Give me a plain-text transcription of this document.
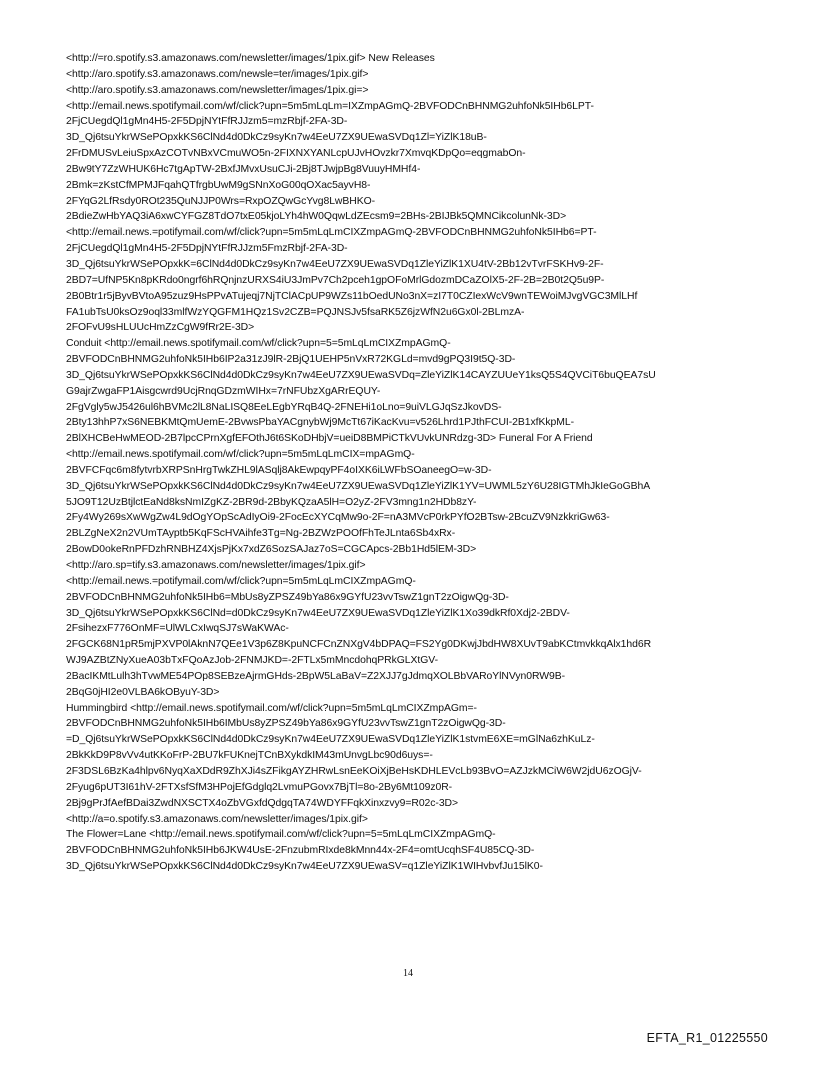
<http://=ro.spotify.s3.amazonaws.com/newsletter/images/1pix.gif> New Releases
<http://aro.spotify.s3.amazonaws.com/newsle=ter/images/1pix.gif>
<http://aro.spotify.s3.amazonaws.com/newsletter/images/1pix.gi=>
<http://email.news.spotifymail.com/wf/click?upn=5m5mLqLm=IXZmpAGmQ-2BVFODCnBHNMG2uhfoNk5IHb6LPT-
2FjCUegdQl1gMn4H5-2F5DpjNYtFfRJJzm5=mzRbjf-2FA-3D-
3D_Qj6tsuYkrWSePOpxkKS6ClNd4d0DkCz9syKn7w4EeU7ZX9UEwaSVDq1Zl=YiZlK18uB-
2FrDMUSvLeiuSpxAzCOTvNBxVCmuWO5n-2FIXNXYANLcpUJvHOvzkr7XmvqKDpQo=eqgmabOn-
2Bw9tY7ZzWHUK6Hc7tgApTW-2BxfJMvxUsuCJi-2Bj8TJwjpBg8VuuyHMHf4-
2Bmk=zKstCfMPMJFqahQTfrgbUwM9gSNnXoG00qOXac5ayvH8-
2FYqG2LfRsdy0ROt235QuNJJP0Wrs=RxpOZQwGcYvg8LwBHKO-
2BdieZwHbYAQ3iA6xwCYFGZ8TdO7txE05kjoLYh4hW0QqwLdZEcsm9=2BHs-2BIJBk5QMNCikcolunNk-3D>
<http://email.news.=potifymail.com/wf/click?upn=5m5mLqLmCIXZmpAGmQ-2BVFODCnBHNMG2uhfoNk5IHb6=PT-
2FjCUegdQl1gMn4H5-2F5DpjNYtFfRJJzm5FmzRbjf-2FA-3D-
3D_Qj6tsuYkrWSePOpxkK=6ClNd4d0DkCz9syKn7w4EeU7ZX9UEwaSVDq1ZleYiZlK1XU4tV-2Bb12vTvrFSKHv9-2F-
2BD7=UfNP5Kn8pKRdo0ngrf6hRQnjnzURXS4iU3JmPv7Ch2pceh1gpOFoMrlGdozmDCaZOlX5-2F-2B=2B0t2Q5u9P-
2B0Btr1r5jByvBVtoA95zuz9HsPPvATujeqj7NjTClACpUP9WZs11bOedUNo3nX=zI7T0CZIexWcV9wnTEWoiMJvgVGC3MlLHf
FA1ubTsU0ksOz9oql33mlfWzYQGFM1HQz1Sv2CZB=PQJNSJv5fsaRK5Z6jzWfN2u6Gx0l-2BLmzA-
2FOFvU9sHLUUcHmZzCgW9fRr2E-3D>
Conduit <http://email.news.spotifymail.com/wf/click?upn=5=5mLqLmCIXZmpAGmQ-
2BVFODCnBHNMG2uhfoNk5IHb6IP2a31zJ9lR-2BjQ1UEHP5nVxR72KGLd=mvd9gPQ3I9t5Q-3D-
3D_Qj6tsuYkrWSePOpxkKS6ClNd4d0DkCz9syKn7w4EeU7ZX9UEwaSVDq=ZleYiZlK14CAYZUUeY1ksQ5S4QVCiT6buQEA7sU
G9ajrZwgaFP1Aisgcwrd9UcjRnqGDzmWIHx=7rNFUbzXgARrEQUY-
2FgVgly5wJ5426ul6hBVMc2lL8NaLISQ8EeLEgbYRqB4Q-2FNEHi1oLno=9uiVLGJqSzJkovDS-
2Bty13hhP7xS6NEBKMtQmUemE-2BvwsPbaYACgnybWj9McTt67iKacKvu=v526Lhrd1PJthFCUI-2B1xfKkpML-
2BlXHCBeHwMEOD-2B7lpcCPrnXgfEFOthJ6t6SKoDHbjV=ueiD8BMPiCTkVUvkUNRdzg-3D> Funeral For A Friend
<http://email.news.spotifymail.com/wf/click?upn=5m5mLqLmCIX=mpAGmQ-
2BVFCFqc6m8fytvrbXRPSnHrgTwkZHL9lASqlj8AkEwpqyPF4oIXK6iLWFbSOaneegO=w-3D-
3D_Qj6tsuYkrWSePOpxkKS6ClNd4d0DkCz9syKn7w4EeU7ZX9UEwaSVDq1ZleYiZlK1YV=UWML5zY6U28IGTMhJkIeGoGBhA
5JO9T12UzBtjlctEaNd8ksNmIZgKZ-2BR9d-2BbyKQzaA5lH=O2yZ-2FV3mng1n2HDb8zY-
2Fy4Wy269sXwWgZw4L9dOgYOpScAdIyOi9-2FocEcXYCqMw9o-2F=nA3MVcP0rkPYfO2BTsw-2BcuZV9NzkkriGw63-
2BLZgNeX2n2VUmTAyptb5KqFScHVAihfe3Tg=Ng-2BZWzPOOfFhTeJLnta6Sb4xRx-
2BowD0okeRnPFDzhRNBHZ4XjsPjKx7xdZ6SozSAJaz7oS=CGCApcs-2Bb1Hd5lEM-3D>
<http://aro.sp=tify.s3.amazonaws.com/newsletter/images/1pix.gif>
<http://email.news.=potifymail.com/wf/click?upn=5m5mLqLmCIXZmpAGmQ-
2BVFODCnBHNMG2uhfoNk5IHb6=MbUs8yZPSZ49bYa86x9GYfU23vvTswZ1gnT2zOigwQg-3D-
3D_Qj6tsuYkrWSePOpxkKS6ClNd=d0DkCz9syKn7w4EeU7ZX9UEwaSVDq1ZleYiZlK1Xo39dkRf0Xdj2-2BDV-
2FsihezxF776OnMF=UlWLCxIwqSJ7sWaKWAc-
2FGCK68N1pR5mjPXVP0lAknN7QEe1V3p6Z8KpuNCFCnZNXgV4bDPAQ=FS2Yg0DKwjJbdHW8XUvT9abKCtmvkkqAlx1hd6R
WJ9AZBtZNyXueA03bTxFQoAzJob-2FNMJKD=-2FTLx5mMncdohqPRkGLXtGV-
2BacIKMtLulh3hTvwME54POp8SEBzeAjrmGHds-2BpW5LaBaV=Z2XJJ7gJdmqXOLBbVARoYlNVyn0RW9B-
2BqG0jHI2e0VLBA6kOByuY-3D>
Hummingbird <http://email.news.spotifymail.com/wf/click?upn=5m5mLqLmCIXZmpAGm=-
2BVFODCnBHNMG2uhfoNk5IHb6IMbUs8yZPSZ49bYa86x9GYfU23vvTswZ1gnT2zOigwQg-3D-
=D_Qj6tsuYkrWSePOpxkKS6ClNd4d0DkCz9syKn7w4EeU7ZX9UEwaSVDq1ZleYiZlK1stvmE6XE=mGlNa6zhKuLz-
2BkKkD9P8vVv4utKKoFrP-2BU7kFUKnejTCnBXykdkIM43mUnvgLbc90d6uys=-
2F3DSL6BzKa4hlpv6NyqXaXDdR9ZhXJi4sZFikgAYZHRwLsnEeKOiXjBeHsKDHLEVcLb93BvO=AZJzkMCiW6W2jdU6zOGjV-
2Fyug6pUT3I61hV-2FTXsfSfM3HPojEfGdglq2LvmuPGovx7BjTl=8o-2By6Mt109z0R-
2Bj9gPrJfAefBDai3ZwdNXSCTX4oZbVGxfdQdgqTA74WDYFFqkXinxzvy9=R02c-3D>
<http://a=o.spotify.s3.amazonaws.com/newsletter/images/1pix.gif>
The Flower=Lane <http://email.news.spotifymail.com/wf/click?upn=5=5mLqLmCIXZmpAGmQ-
2BVFODCnBHNMG2uhfoNk5IHb6JKW4UsE-2FnzubmRIxde8kMnn44x-2F4=omtUcqhSF4U85CQ-3D-
3D_Qj6tsuYkrWSePOpxkKS6ClNd4d0DkCz9syKn7w4EeU7ZX9UEwaSV=q1ZleYiZlK1WIHvbvfJu15lK0-
14
EFTA_R1_01225550
